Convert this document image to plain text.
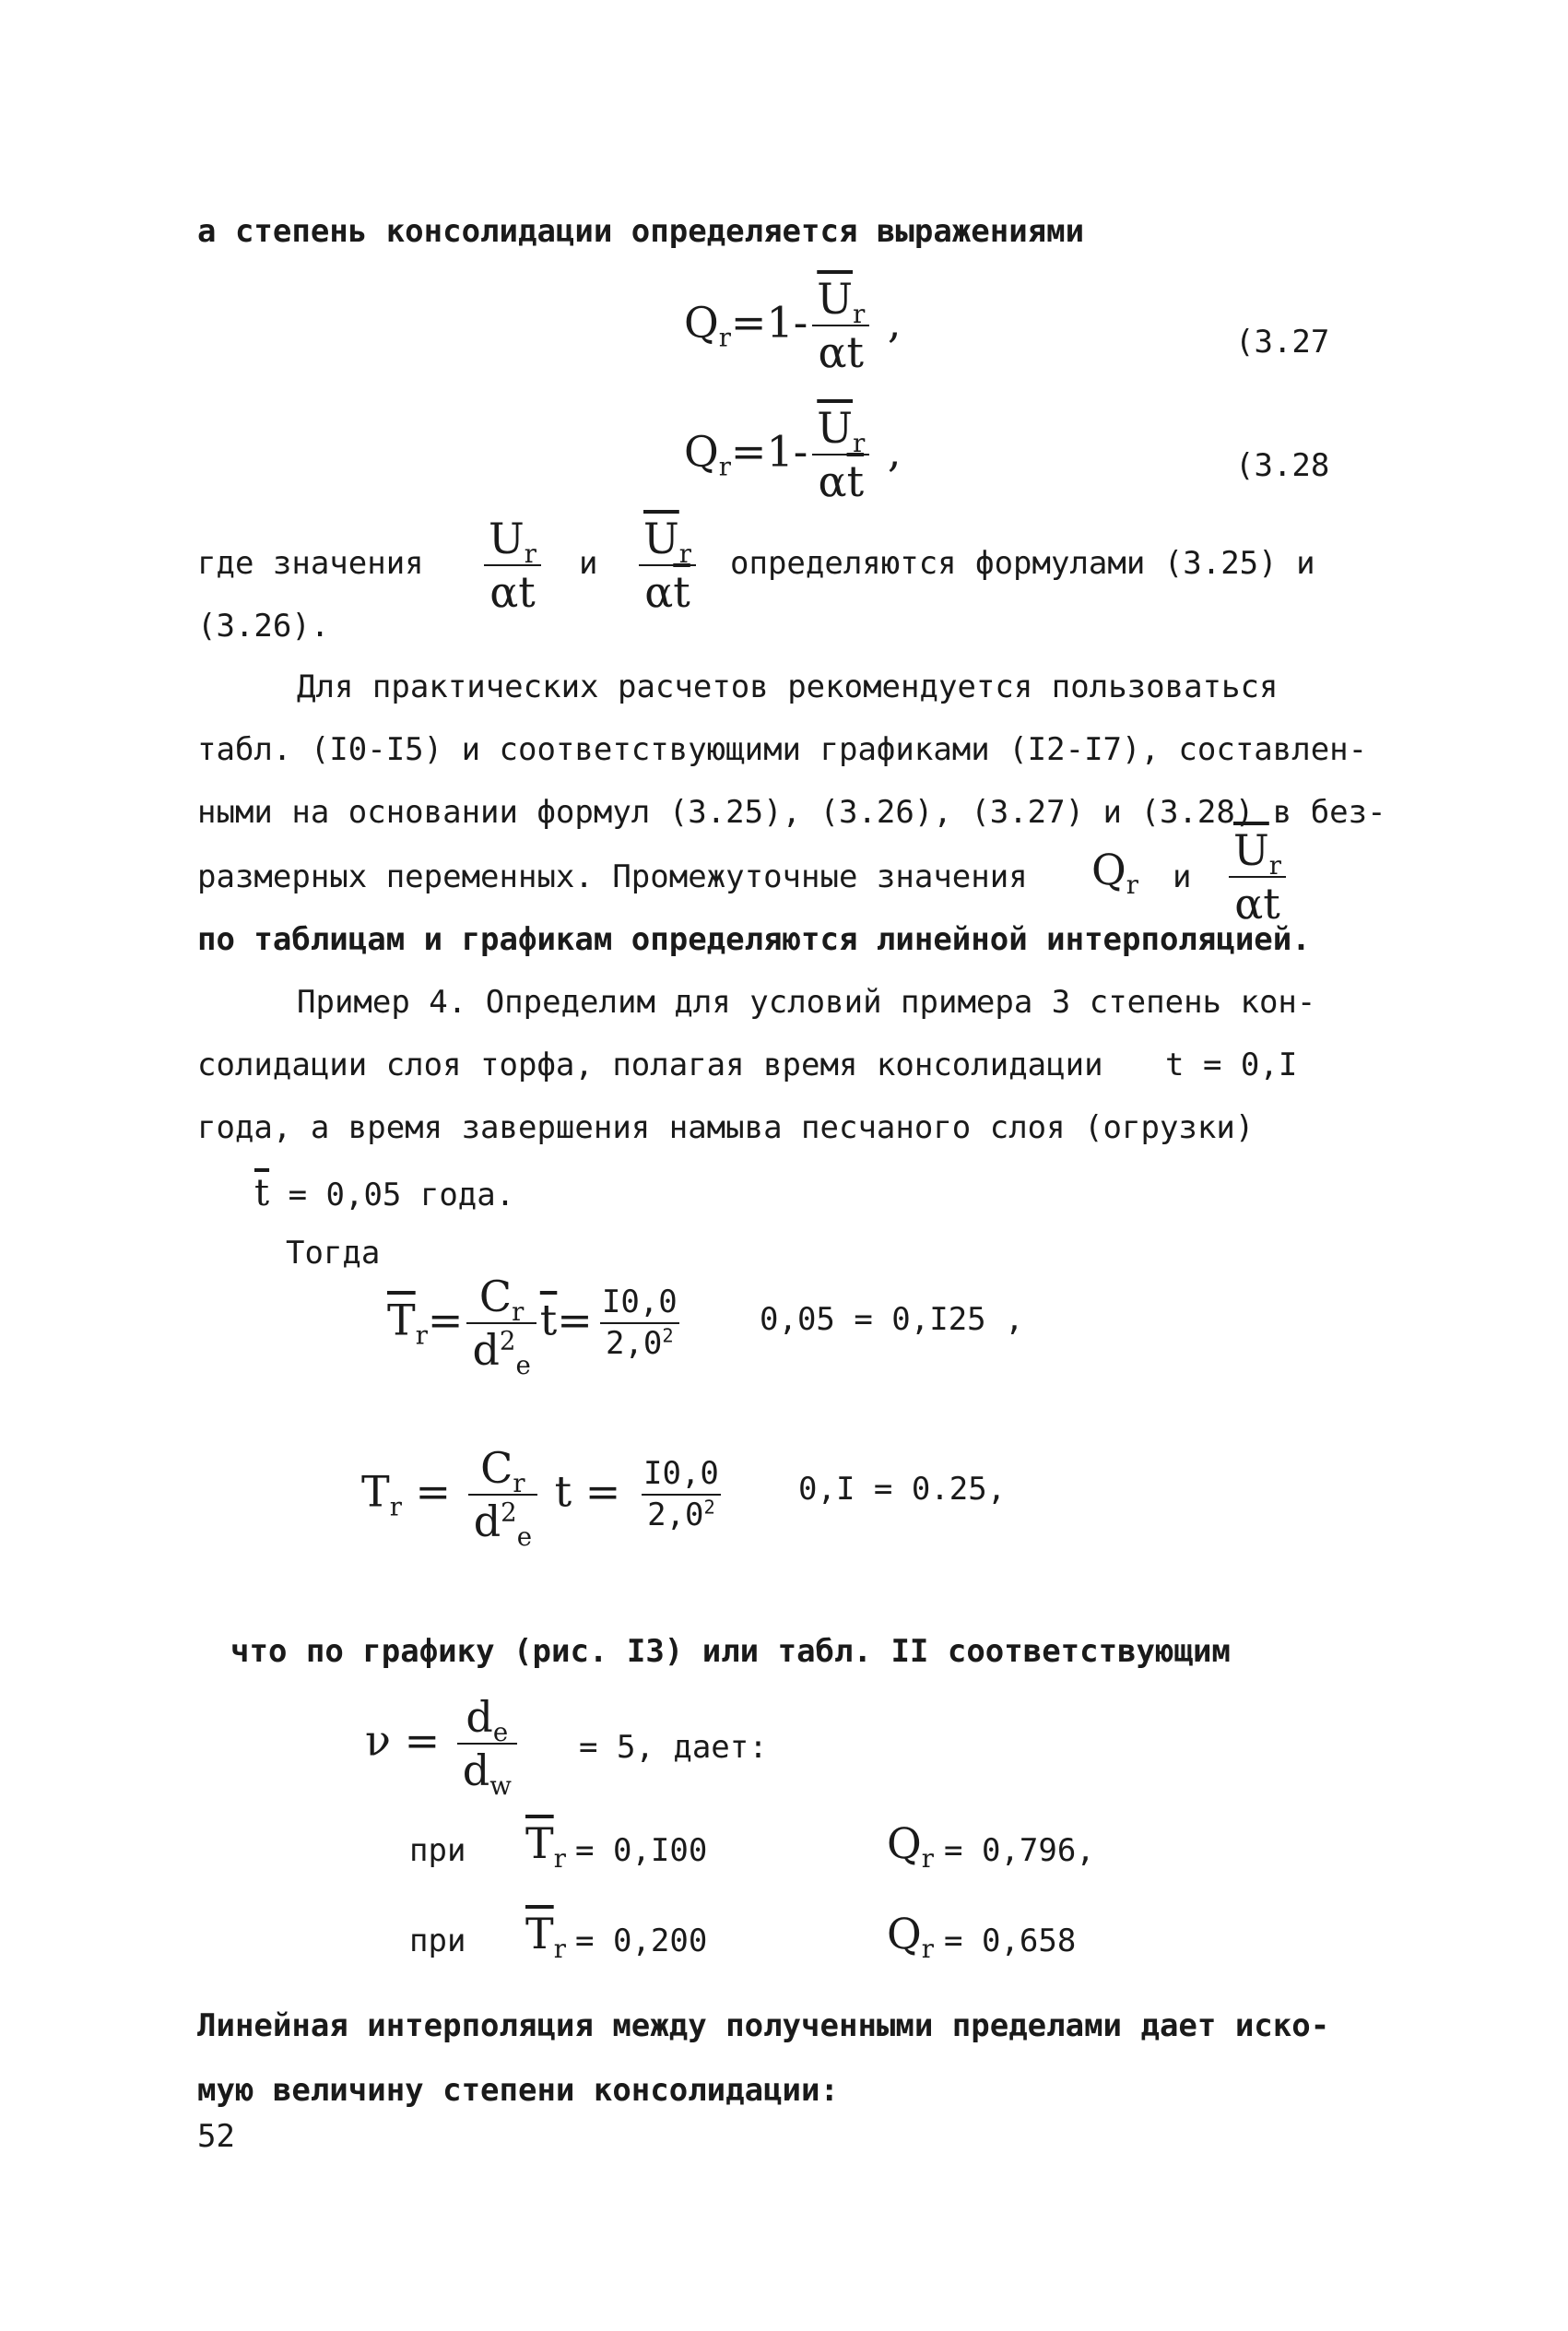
а степень консолидации определяется выражениями
$Q_r=1- \frac{\overline{U}_r}{\alpha t}$ ,	(3.27
$Q_r=1- \frac{\overline{U}_r}{\alpha\overline{t}}$ ,	(3.28
где значения $\frac{U_r}{\alpha t}$ и $\frac{\overline{U}_r}{\alpha\overline{t}}$ определяются формулами (3.25) и
(3.26).
Для практических расчетов рекомендуется пользоваться
табл. (I0-I5) и соответствующими графиками (I2-I7), составлен-
ными на основании формул (3.25), (3.26), (3.27) и (3.28) в без-
размерных переменных. Промежуточные значения $Q_r$ и $\frac{\overline{U}_r}{\alpha t}$
по таблицам и графикам определяются линейной интерполяцией.
Пример 4. Определим для условий примера 3 степень кон-
солидации слоя торфа, полагая время консолидации t = 0,I
года, а время завершения намыва песчаного слоя (огрузки)
$\overline{t} = 0,05$ года.
Тогда
$\overline{T}_r= \frac{C_r}{d^2_e} \overline{t}= \frac{I0,0}{2,0^2} 0,05 = 0,I25$ ,
$T_r = \frac{C_r}{d^2_e}$ $t = \frac{I0,0}{2,0^2} 0,I = 0.25$,
что по графику (рис. I3) или табл. II соответствующим
$\nu = \frac{d_e}{d_w} = 5$, дает:
при $\overline{T}_r = 0,I00$	$Q_r = 0,796$,
при $\overline{T}_r = 0,200$	$Q_r = 0,658$
Линейная интерполяция между полученными пределами дает иско-
мую величину степени консолидации:
52
